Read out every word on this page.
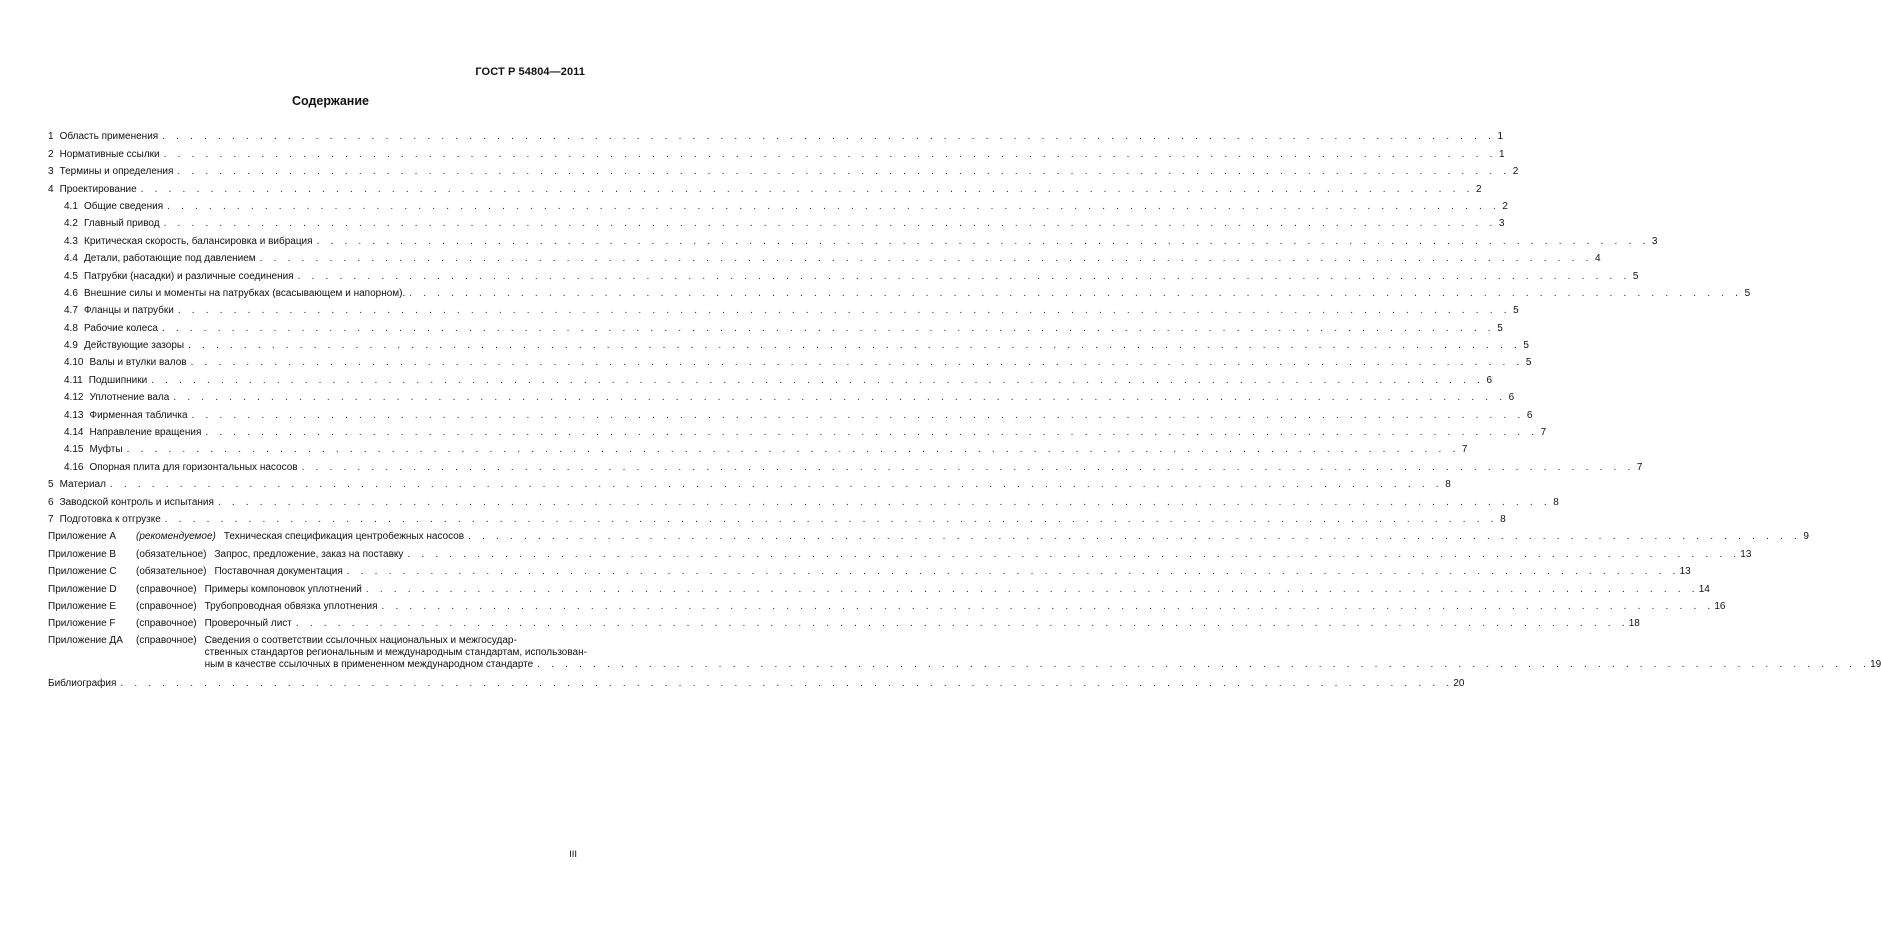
ГОСТ Р 54804—2011
Содержание
1 Область применения . . .	1
2 Нормативные ссылки . . .	1
3 Термины и определения . . .	2
4 Проектирование . . .	2
4.1 Общие сведения . . .	2
4.2 Главный привод . . .	3
4.3 Критическая скорость, балансировка и вибрация . . .	3
4.4 Детали, работающие под давлением . . .	4
4.5 Патрубки (насадки) и различные соединения . . .	5
4.6 Внешние силы и моменты на патрубках (всасывающем и напорном). . . .	5
4.7 Фланцы и патрубки . . .	5
4.8 Рабочие колеса . . .	5
4.9 Действующие зазоры . . .	5
4.10 Валы и втулки валов . . .	5
4.11 Подшипники . . .	6
4.12 Уплотнение вала . . .	6
4.13 Фирменная табличка . . .	6
4.14 Направление вращения . . .	7
4.15 Муфты . . .	7
4.16 Опорная плита для горизонтальных насосов . . .	7
5 Материал . . .	8
6 Заводской контроль и испытания . . .	8
7 Подготовка к отгрузке . . .	8
Приложение А	(рекомендуемое) Техническая спецификация центробежных насосов . . .	9
Приложение В	(обязательное) Запрос, предложение, заказ на поставку . . .	13
Приложение С	(обязательное) Поставочная документация . . .	13
Приложение D	(справочное) Примеры компоновок уплотнений . . .	14
Приложение Е	(справочное) Трубопроводная обвязка уплотнения . . .	16
Приложение F	(справочное) Проверочный лист . . .	18
Приложение ДА	(справочное) Сведения о соответствии ссылочных национальных и межгосудар-
ственных стандартов региональным и международным стандартам, использован-
ным в качестве ссылочных в примененном международном стандарте . . .	19
Библиография . . .	20
III
